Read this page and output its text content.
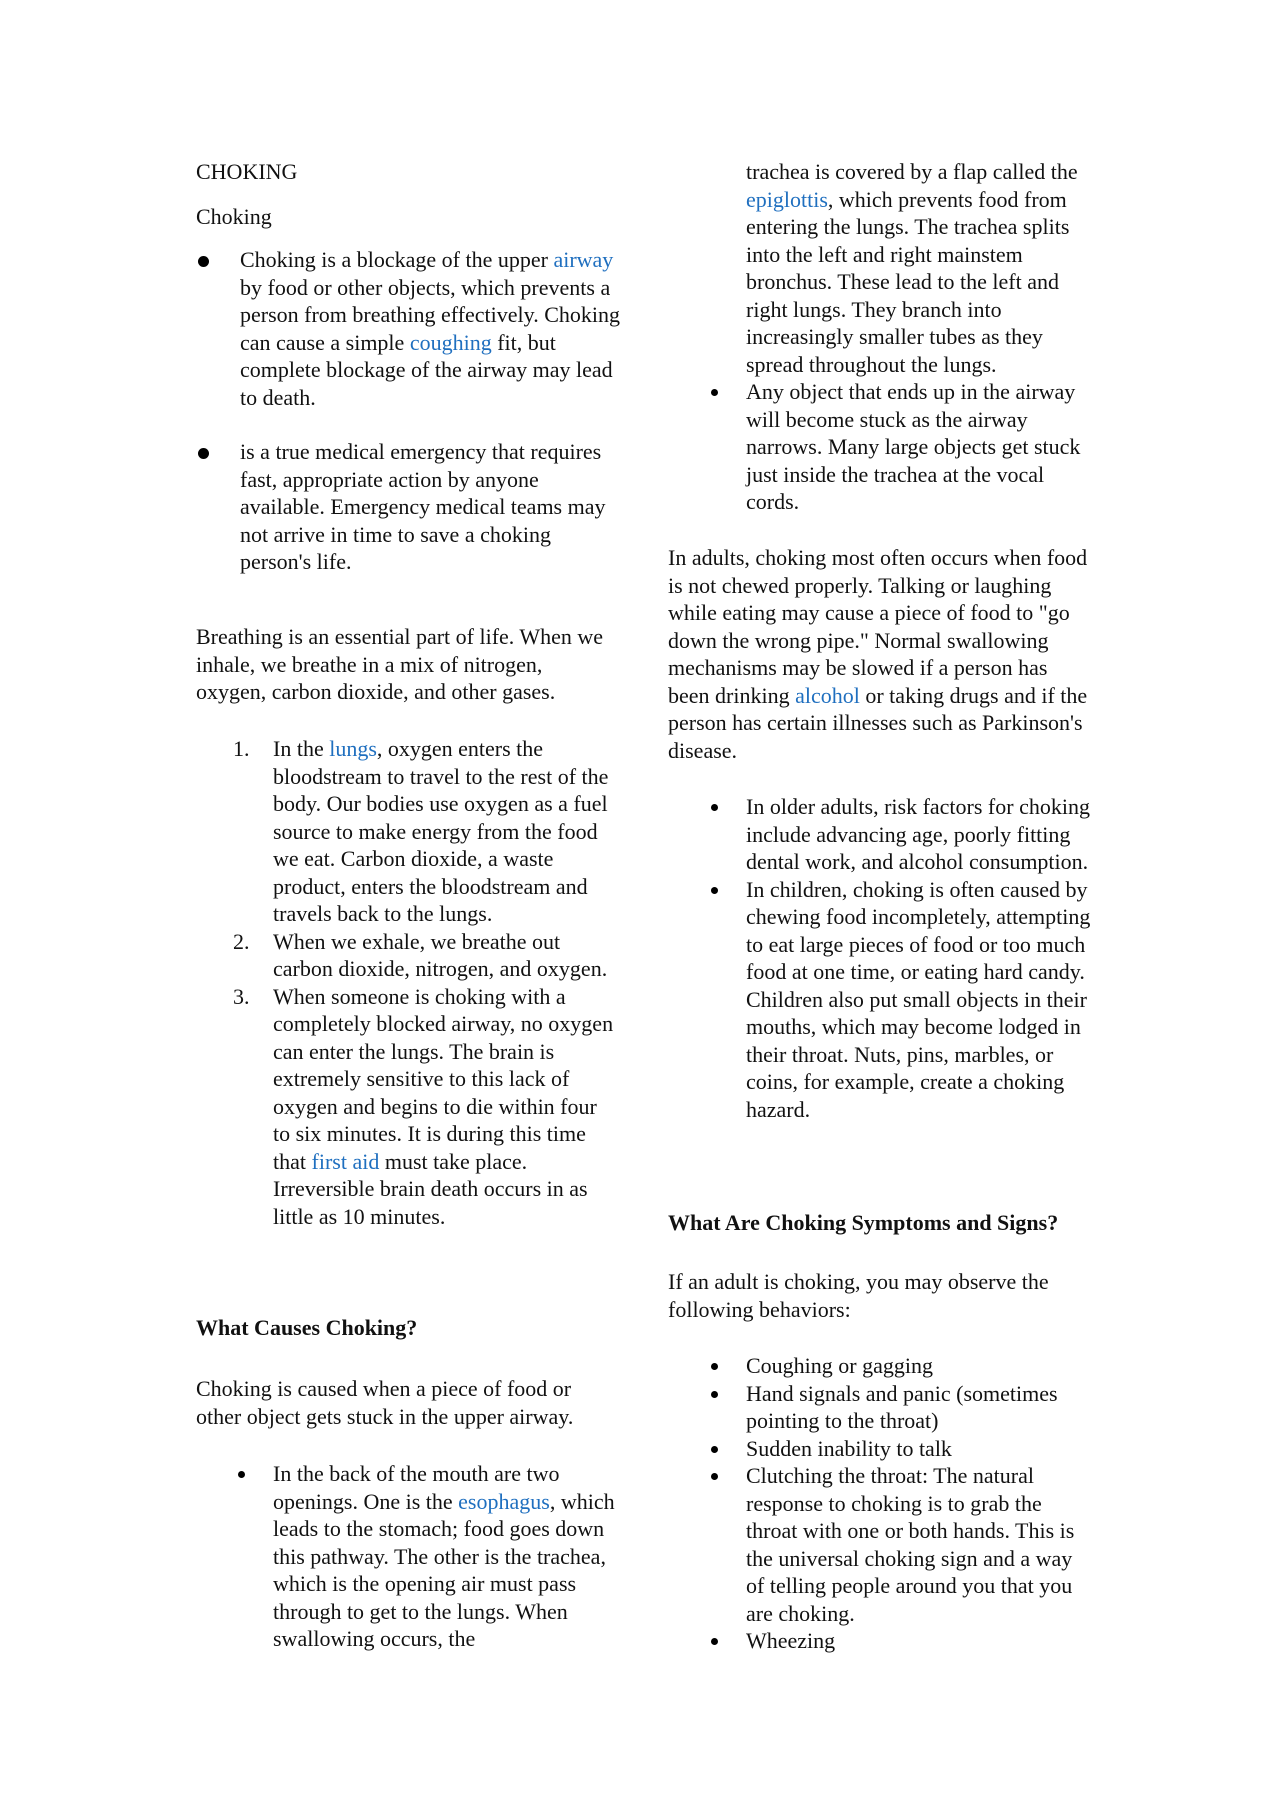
CHOKING
Choking
Choking is a blockage of the upper airway by food or other objects, which prevents a person from breathing effectively. Choking can cause a simple coughing fit, but complete blockage of the airway may lead to death.
is a true medical emergency that requires fast, appropriate action by anyone available. Emergency medical teams may not arrive in time to save a choking person's life.

Breathing is an essential part of life. When we inhale, we breathe in a mix of nitrogen, oxygen, carbon dioxide, and other gases.

1. In the lungs, oxygen enters the bloodstream to travel to the rest of the body. Our bodies use oxygen as a fuel source to make energy from the food we eat. Carbon dioxide, a waste product, enters the bloodstream and travels back to the lungs.
2. When we exhale, we breathe out carbon dioxide, nitrogen, and oxygen.
3. When someone is choking with a completely blocked airway, no oxygen can enter the lungs. The brain is extremely sensitive to this lack of oxygen and begins to die within four to six minutes. It is during this time that first aid must take place. Irreversible brain death occurs in as little as 10 minutes.
What Causes Choking?

Choking is caused when a piece of food or other object gets stuck in the upper airway.

In the back of the mouth are two openings. One is the esophagus, which leads to the stomach; food goes down this pathway. The other is the trachea, which is the opening air must pass through to get to the lungs. When swallowing occurs, the
trachea is covered by a flap called the epiglottis, which prevents food from entering the lungs. The trachea splits into the left and right mainstem bronchus. These lead to the left and right lungs. They branch into increasingly smaller tubes as they spread throughout the lungs.
Any object that ends up in the airway will become stuck as the airway narrows. Many large objects get stuck just inside the trachea at the vocal cords.

In adults, choking most often occurs when food is not chewed properly. Talking or laughing while eating may cause a piece of food to "go down the wrong pipe." Normal swallowing mechanisms may be slowed if a person has been drinking alcohol or taking drugs and if the person has certain illnesses such as Parkinson's disease.

In older adults, risk factors for choking include advancing age, poorly fitting dental work, and alcohol consumption.
In children, choking is often caused by chewing food incompletely, attempting to eat large pieces of food or too much food at one time, or eating hard candy. Children also put small objects in their mouths, which may become lodged in their throat. Nuts, pins, marbles, or coins, for example, create a choking hazard.
What Are Choking Symptoms and Signs?

If an adult is choking, you may observe the following behaviors:

Coughing or gagging
Hand signals and panic (sometimes pointing to the throat)
Sudden inability to talk
Clutching the throat: The natural response to choking is to grab the throat with one or both hands. This is the universal choking sign and a way of telling people around you that you are choking.
Wheezing
